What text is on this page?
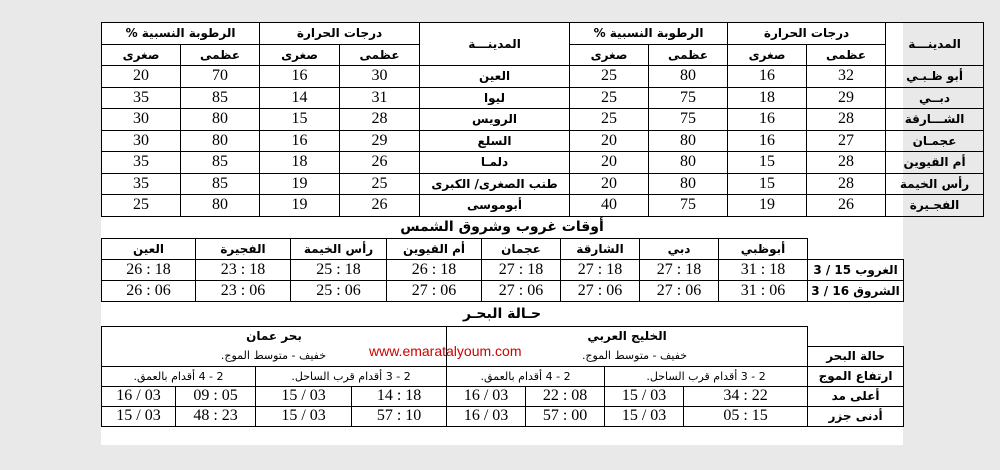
المدينـــة	درجات الحرارة		الرطوبة النسبية %		المدينـــة	درجات الحرارة		الرطوبة النسبية %	
	عظمى	صغرى	عظمى	صغرى		عظمى	صغرى	عظمى	صغرى
أبو ظـبـي	32	16	80	25	العين	30	16	70	20
دبــي	29	18	75	25	ليوا	31	14	85	35
الشـــارقة	28	16	75	25	الرويس	28	15	80	30
عجمـان	27	16	80	20	السلع	29	16	80	30
أم القيوين	28	15	80	20	دلمـا	26	18	85	35
رأس الخيمة	28	15	80	20	طنب الصغرى/ الكبرى	25	19	85	35
الفجـيرة	26	19	75	40	أبوموسى	26	19	80	25
أوقات غروب وشروق الشمس
	أبوظبي	دبي	الشارقة	عجمان	أم القيوين	رأس الخيمة	الفجيرة	العين
الغروب 15 / 3	18 : 31	18 : 27	18 : 27	18 : 27	18 : 26	18 : 25	18 : 23	18 : 26
الشروق 16 / 3	06 : 31	06 : 27	06 : 27	06 : 27	06 : 27	06 : 25	06 : 23	06 : 26
حـالة البحـر
	الخليج العربي				بحر عمان			
حالة البحر	خفيف - متوسط الموج.				خفيف - متوسط الموج.			
ارتفاع الموج	2 - 3 أقدام قرب الساحل.		2 - 4 أقدام بالعمق.		2 - 3 أقدام قرب الساحل.		2 - 4 أقدام بالعمق.	
أعلى مد	22 : 34	03 / 15	08 : 22	03 / 16	18 : 14	03 / 15	05 : 09	03 / 16
أدنى جزر	15 : 05	03 / 15	00 : 57	03 / 16	10 : 57	03 / 15	23 : 48	03 / 15
www.emaratalyoum.com
